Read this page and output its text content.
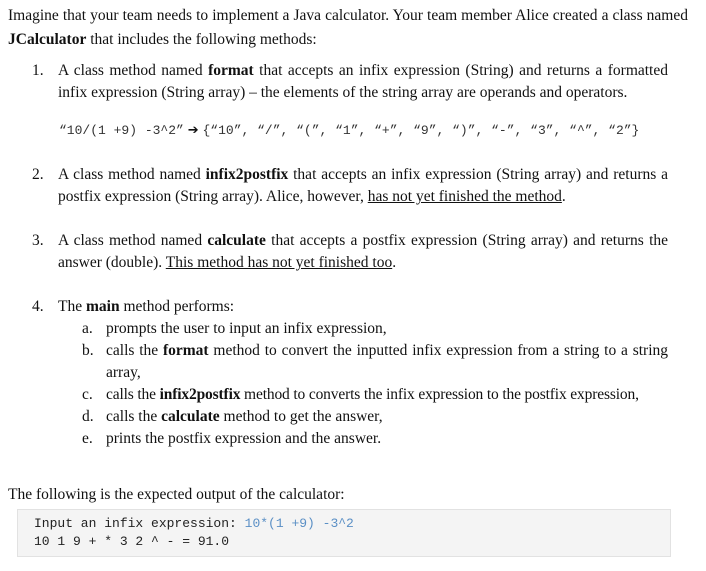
Imagine that your team needs to implement a Java calculator. Your team member Alice created a class named JCalculator that includes the following methods:
1. A class method named format that accepts an infix expression (String) and returns a formatted infix expression (String array) – the elements of the string array are operands and operators.
“10/(1 +9) -3^2” ➔ {“10”, “/”, “(”, “1”, “+”, “9”, “)”, “-”, “3”, “^”, “2”}
2. A class method named infix2postfix that accepts an infix expression (String array) and returns a postfix expression (String array). Alice, however, has not yet finished the method.
3. A class method named calculate that accepts a postfix expression (String array) and returns the answer (double). This method has not yet finished too.
4. The main method performs:
a. prompts the user to input an infix expression,
b. calls the format method to convert the inputted infix expression from a string to a string array,
c. calls the infix2postfix method to converts the infix expression to the postfix expression,
d. calls the calculate method to get the answer,
e. prints the postfix expression and the answer.
The following is the expected output of the calculator:
Input an infix expression: 10*(1 +9) -3^2
10 1 9 + * 3 2 ^ - = 91.0
